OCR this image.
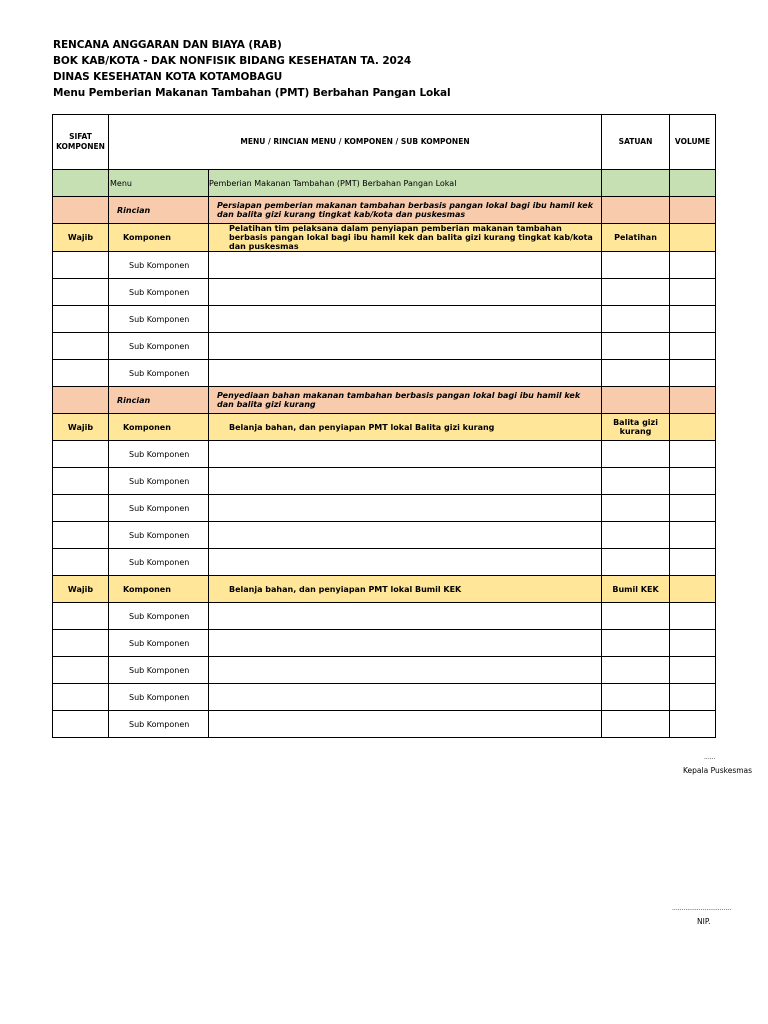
RENCANA ANGGARAN DAN BIAYA (RAB)
BOK KAB/KOTA - DAK NONFISIK BIDANG KESEHATAN TA. 2024
DINAS KESEHATAN KOTA KOTAMOBAGU
Menu Pemberian Makanan Tambahan (PMT) Berbahan Pangan Lokal
SIFAT KOMPONEN	MENU / RINCIAN MENU / KOMPONEN / SUB KOMPONEN		SATUAN	VOLUME
	Menu	Pemberian Makanan Tambahan (PMT) Berbahan Pangan Lokal		
	Rincian	Persiapan pemberian makanan tambahan berbasis pangan lokal bagi ibu hamil kek dan balita gizi kurang tingkat kab/kota dan puskesmas		
Wajib	Komponen	Pelatihan tim pelaksana dalam penyiapan pemberian makanan tambahan berbasis pangan lokal bagi ibu hamil kek dan balita gizi kurang tingkat kab/kota dan puskesmas	Pelatihan	
	Sub Komponen			
	Sub Komponen			
	Sub Komponen			
	Sub Komponen			
	Sub Komponen			
	Rincian	Penyediaan bahan makanan tambahan berbasis pangan lokal bagi ibu hamil kek dan balita gizi kurang		
Wajib	Komponen	Belanja bahan, dan penyiapan PMT lokal Balita gizi kurang	Balita gizi kurang	
	Sub Komponen			
	Sub Komponen			
	Sub Komponen			
	Sub Komponen			
	Sub Komponen			
Wajib	Komponen	Belanja bahan, dan penyiapan PMT lokal Bumil KEK	Bumil KEK	
	Sub Komponen			
	Sub Komponen			
	Sub Komponen			
	Sub Komponen			
	Sub Komponen			
......
Kepala Puskesmas
...............................
NIP.
